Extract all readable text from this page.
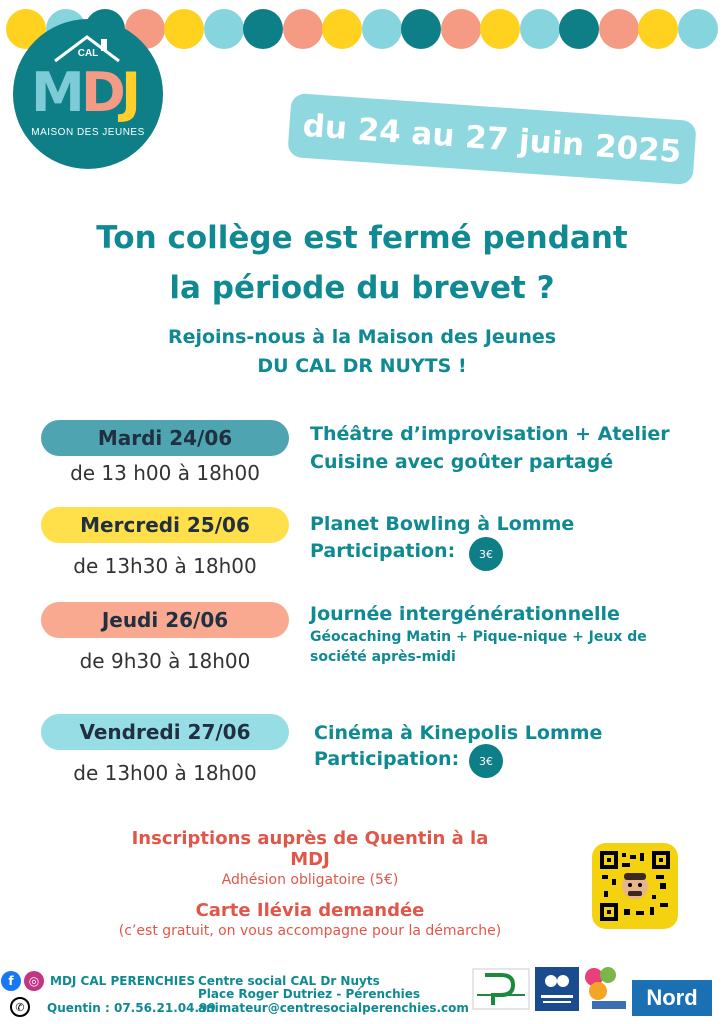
CAL
M
D
J
MAISON DES JEUNES	du 24 au 27 juin 2025
Ton collège est fermé pendant
la période du brevet ?
Rejoins-nous à la Maison des Jeunes
DU CAL DR NUYTS !
Mardi 24/06
de 13 h00 à 18h00
Théâtre d’improvisation + Atelier
Cuisine avec goûter partagé
Mercredi 25/06
de 13h30 à 18h00
Planet Bowling à Lomme
Participation:	3€
Jeudi 26/06
de 9h30 à 18h00
Journée intergénérationnelle
Géocaching Matin + Pique-nique + Jeux de
société après-midi
Vendredi 27/06
de 13h00 à 18h00
Cinéma à Kinepolis Lomme
Participation:	3€
Inscriptions auprès de Quentin à la MDJ
Adhésion obligatoire (5€)
Carte Ilévia demandée
(c’est gratuit, on vous accompagne pour la démarche)
f	◎ MDJ CAL PERENCHIES
✆	Quentin : 07.56.21.04.99
Centre social CAL Dr Nuyts
Place Roger Dutriez - Pérenchies
animateur@centresocialperenchies.com	Nord
